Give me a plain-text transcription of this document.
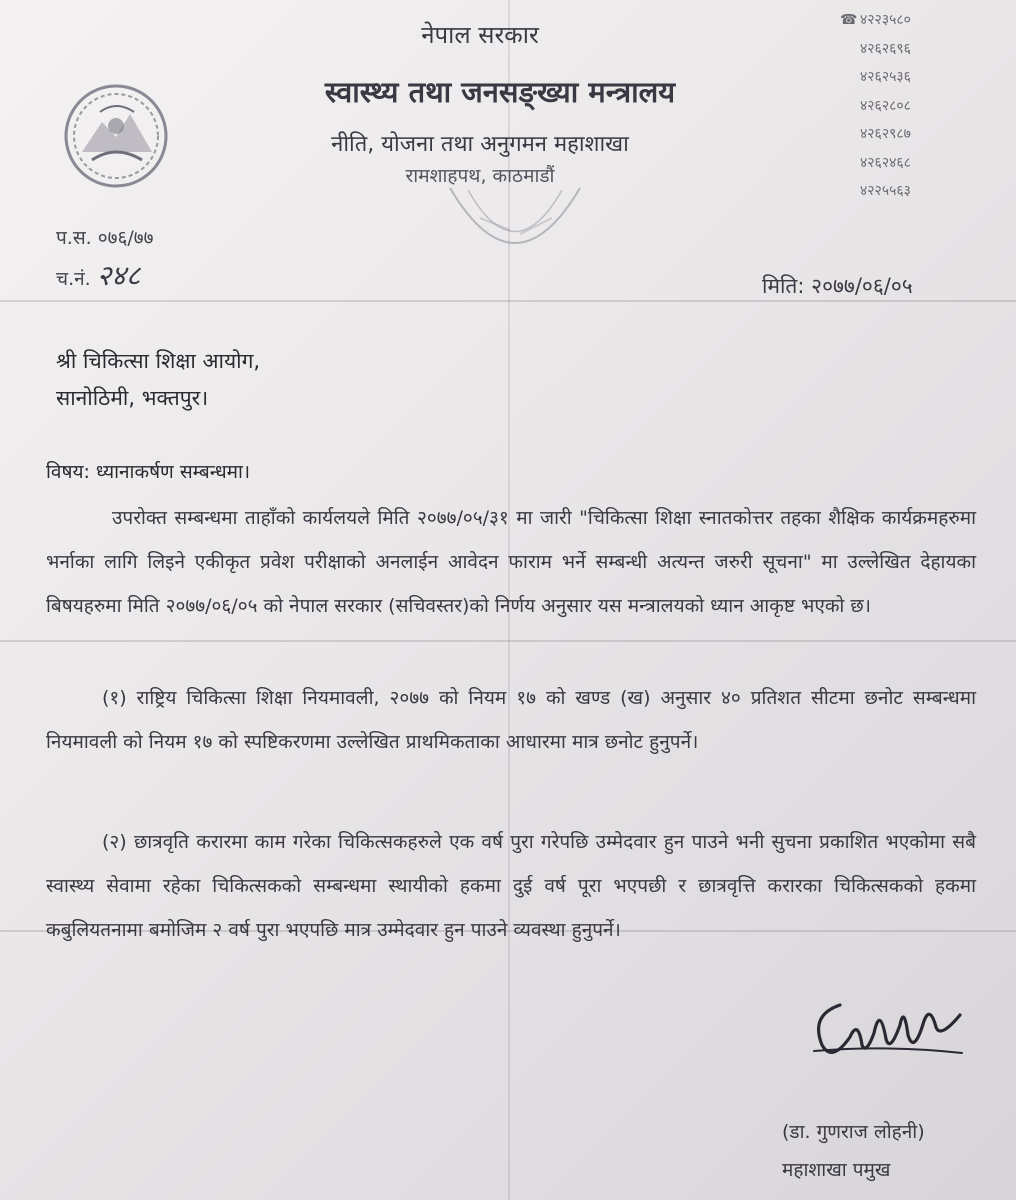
नेपाल सरकार
स्वास्थ्य तथा जनसङ्ख्या मन्त्रालय
नीति, योजना तथा अनुगमन महाशाखा
रामशाहपथ, काठमाडौं
☎ ४२२३५८०
४२६२६९६
४२६२५३६
४२६२८०८
४२६२९८७
४२६२४६८
४२२५५६३
प.स. ०७६/७७
च.नं. २४८	मिति: २०७७/०६/०५
श्री चिकित्सा शिक्षा आयोग,
सानोठिमी, भक्तपुर।
विषय: ध्यानाकर्षण सम्बन्धमा।
उपरोक्त सम्बन्धमा ताहाँको कार्यलयले मिति २०७७/०५/३१ मा जारी "चिकित्सा शिक्षा स्नातकोत्तर तहका शैक्षिक कार्यक्रमहरुमा भर्नाका लागि लिइने एकीकृत प्रवेश परीक्षाको अनलाईन आवेदन फाराम भर्ने सम्बन्धी अत्यन्त जरुरी सूचना" मा उल्लेखित देहायका बिषयहरुमा मिति २०७७/०६/०५ को नेपाल सरकार (सचिवस्तर)को निर्णय अनुसार यस मन्त्रालयको ध्यान आकृष्ट भएको छ।
(१) राष्ट्रिय चिकित्सा शिक्षा नियमावली, २०७७ को नियम १७ को खण्ड (ख) अनुसार ४० प्रतिशत सीटमा छनोट सम्बन्धमा नियमावली को नियम १७ को स्पष्टिकरणमा उल्लेखित प्राथमिकताका आधारमा मात्र छनोट हुनुपर्ने।
(२) छात्रवृति करारमा काम गरेका चिकित्सकहरुले एक वर्ष पुरा गरेपछि उम्मेदवार हुन पाउने भनी सुचना प्रकाशित भएकोमा सबै स्वास्थ्य सेवामा रहेका चिकित्सकको सम्बन्धमा स्थायीको हकमा दुई वर्ष पूरा भएपछी र छात्रवृत्ति करारका चिकित्सकको हकमा कबुलियतनामा बमोजिम २ वर्ष पुरा भएपछि मात्र उम्मेदवार हुन पाउने व्यवस्था हुनुपर्ने।
(डा. गुणराज लोहनी)
महाशाखा पमुख
